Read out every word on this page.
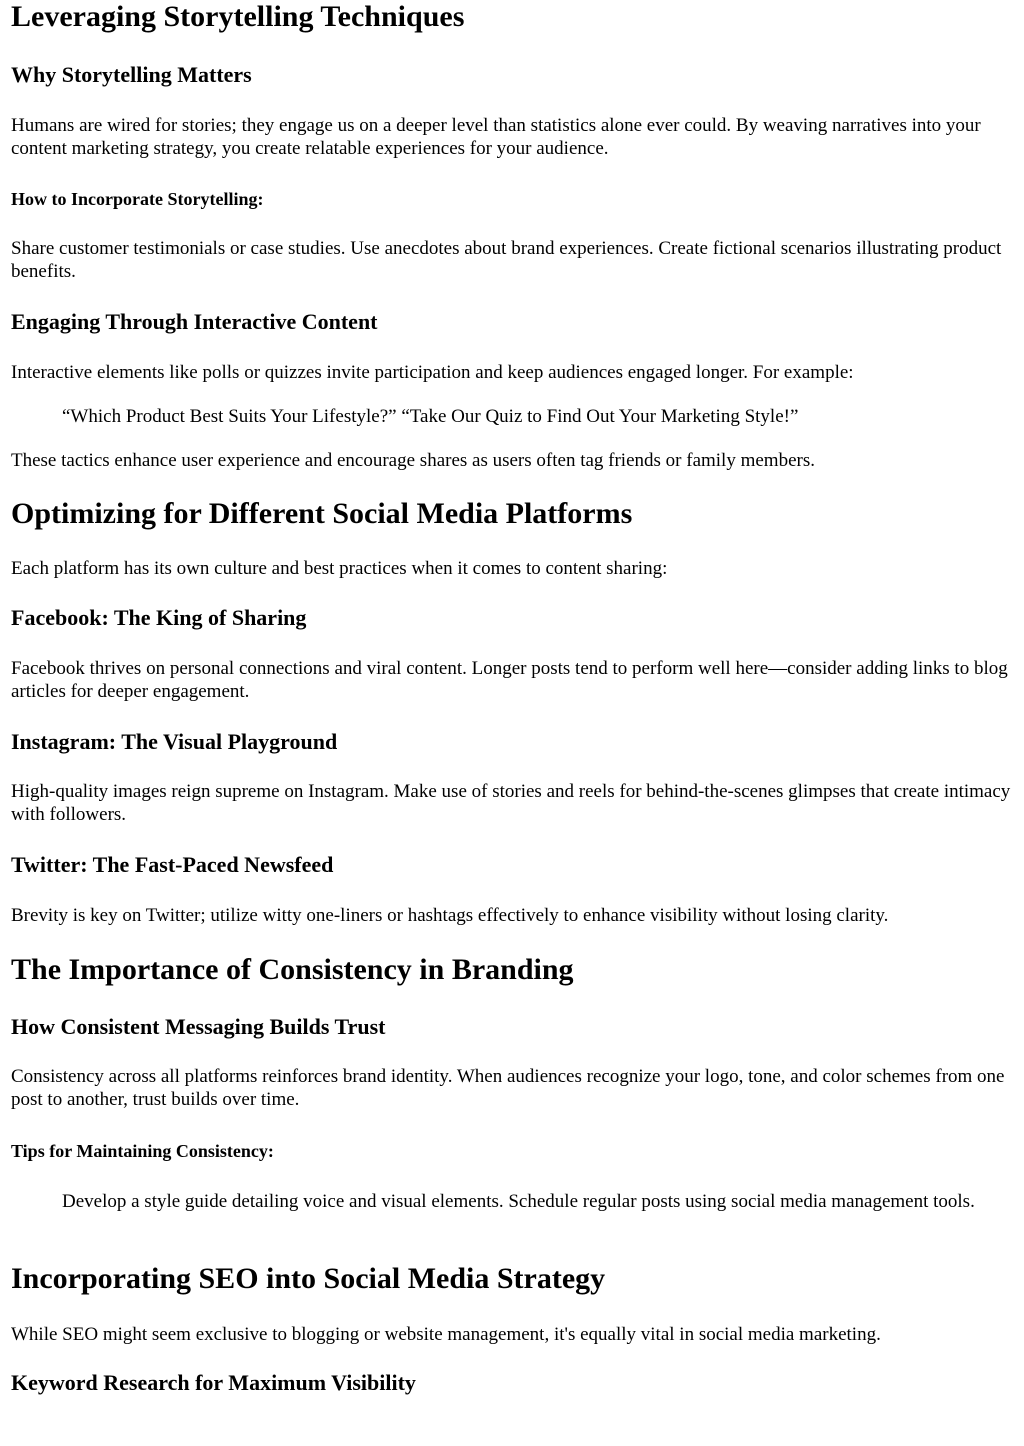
Leveraging Storytelling Techniques
Why Storytelling Matters

Humans are wired for stories; they engage us on a deeper level than statistics alone ever could. By weaving narratives into your content marketing strategy, you create relatable experiences for your audience.

How to Incorporate Storytelling:

Share customer testimonials or case studies. Use anecdotes about brand experiences. Create fictional scenarios illustrating product benefits.

Engaging Through Interactive Content

Interactive elements like polls or quizzes invite participation and keep audiences engaged longer. For example:

“Which Product Best Suits Your Lifestyle?” “Take Our Quiz to Find Out Your Marketing Style!”

These tactics enhance user experience and encourage shares as users often tag friends or family members.

Optimizing for Different Social Media Platforms

Each platform has its own culture and best practices when it comes to content sharing:

Facebook: The King of Sharing

Facebook thrives on personal connections and viral content. Longer posts tend to perform well here—consider adding links to blog articles for deeper engagement.

Instagram: The Visual Playground

High-quality images reign supreme on Instagram. Make use of stories and reels for behind-the-scenes glimpses that create intimacy with followers.

Twitter: The Fast-Paced Newsfeed

Brevity is key on Twitter; utilize witty one-liners or hashtags effectively to enhance visibility without losing clarity.

The Importance of Consistency in Branding
How Consistent Messaging Builds Trust

Consistency across all platforms reinforces brand identity. When audiences recognize your logo, tone, and color schemes from one post to another, trust builds over time.

Tips for Maintaining Consistency:

Develop a style guide detailing voice and visual elements. Schedule regular posts using social media management tools.

Incorporating SEO into Social Media Strategy

While SEO might seem exclusive to blogging or website management, it's equally vital in social media marketing.

Keyword Research for Maximum Visibility
